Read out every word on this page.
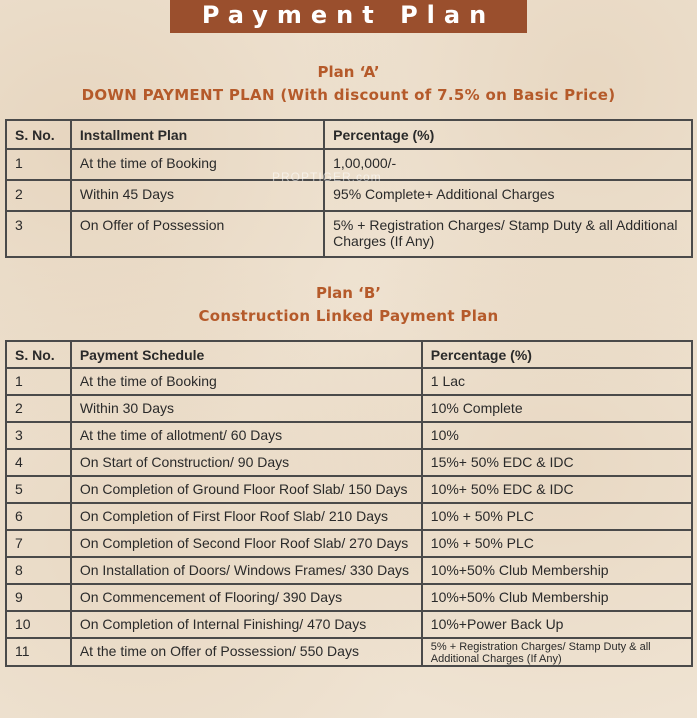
Payment Plan
Plan ‘A’
DOWN PAYMENT PLAN (With discount of 7.5% on Basic Price)
S. No.	Installment Plan	Percentage (%)
1	At the time of Booking	1,00,000/-
2	Within 45 Days	95% Complete+ Additional Charges
3	On Offer of Possession	5% + Registration Charges/ Stamp Duty & all Additional Charges (If Any)
PROPTIGER.com
Plan ‘B’
Construction Linked Payment Plan
S. No.	Payment Schedule	Percentage (%)
1	At the time of Booking	1 Lac
2	Within 30 Days	10% Complete
3	At the time of allotment/ 60 Days	10%
4	On Start of Construction/ 90 Days	15%+ 50% EDC & IDC
5	On Completion of Ground Floor Roof Slab/ 150 Days	10%+ 50% EDC & IDC
6	On Completion of First Floor Roof Slab/ 210 Days	10% + 50% PLC
7	On Completion of Second Floor Roof Slab/ 270 Days	10% + 50% PLC
8	On Installation of Doors/ Windows Frames/ 330 Days	10%+50% Club Membership
9	On Commencement of Flooring/ 390 Days	10%+50% Club Membership
10	On Completion of Internal Finishing/ 470 Days	10%+Power Back Up
11	At the time on Offer of Possession/ 550 Days	5% + Registration Charges/ Stamp Duty & all Additional Charges (If Any)
